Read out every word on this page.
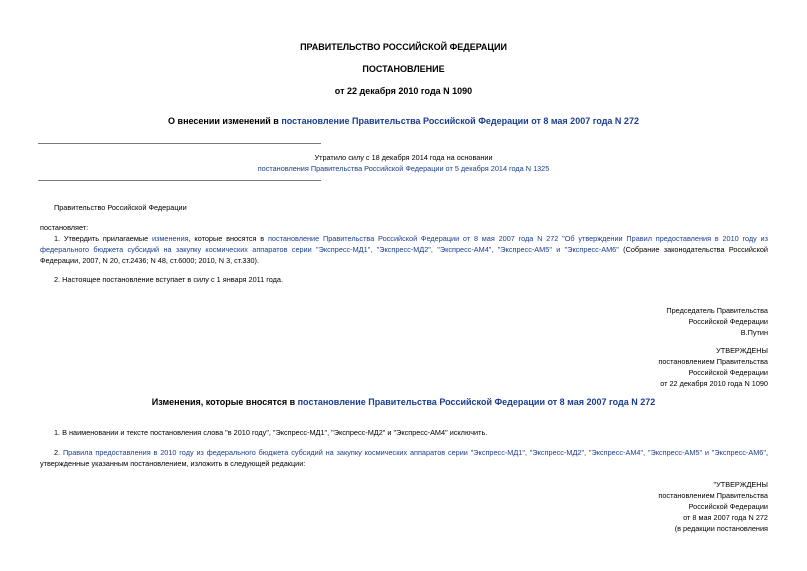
ПРАВИТЕЛЬСТВО РОССИЙСКОЙ ФЕДЕРАЦИИ
ПОСТАНОВЛЕНИЕ
от 22 декабря 2010 года N 1090
О внесении изменений в постановление Правительства Российской Федерации от 8 мая 2007 года N 272
Утратило силу с 18 декабря 2014 года на основании
постановления Правительства Российской Федерации от 5 декабря 2014 года N 1325
Правительство Российской Федерации
постановляет:

1. Утвердить прилагаемые изменения, которые вносятся в постановление Правительства Российской Федерации от 8 мая 2007 года N 272 "Об утверждении Правил предоставления в 2010 году из федерального бюджета субсидий на закупку космических аппаратов серии "Экспресс-МД1", "Экспресс-МД2", "Экспресс-АМ4", "Экспресс-АМ5" и "Экспресс-АМ6" (Собрание законодательства Российской Федерации, 2007, N 20, ст.2436; N 48, ст.6000; 2010, N 3, ст.330).

2. Настоящее постановление вступает в силу с 1 января 2011 года.
Председатель Правительства
Российской Федерации
В.Путин
УТВЕРЖДЕНЫ
постановлением Правительства
Российской Федерации
от 22 декабря 2010 года N 1090
Изменения, которые вносятся в постановление Правительства Российской Федерации от 8 мая 2007 года N 272
1. В наименовании и тексте постановления слова "в 2010 году", "Экспресс-МД1", "Экспресс-МД2" и "Экспресс-АМ4" исключить.

2. Правила предоставления в 2010 году из федерального бюджета субсидий на закупку космических аппаратов серии "Экспресс-МД1", "Экспресс-МД2", "Экспресс-АМ4", "Экспресс-АМ5" и "Экспресс-АМ6", утвержденные указанным постановлением, изложить в следующей редакции:

"УТВЕРЖДЕНЫ
постановлением Правительства
Российской Федерации
от 8 мая 2007 года N 272
(в редакции постановления
